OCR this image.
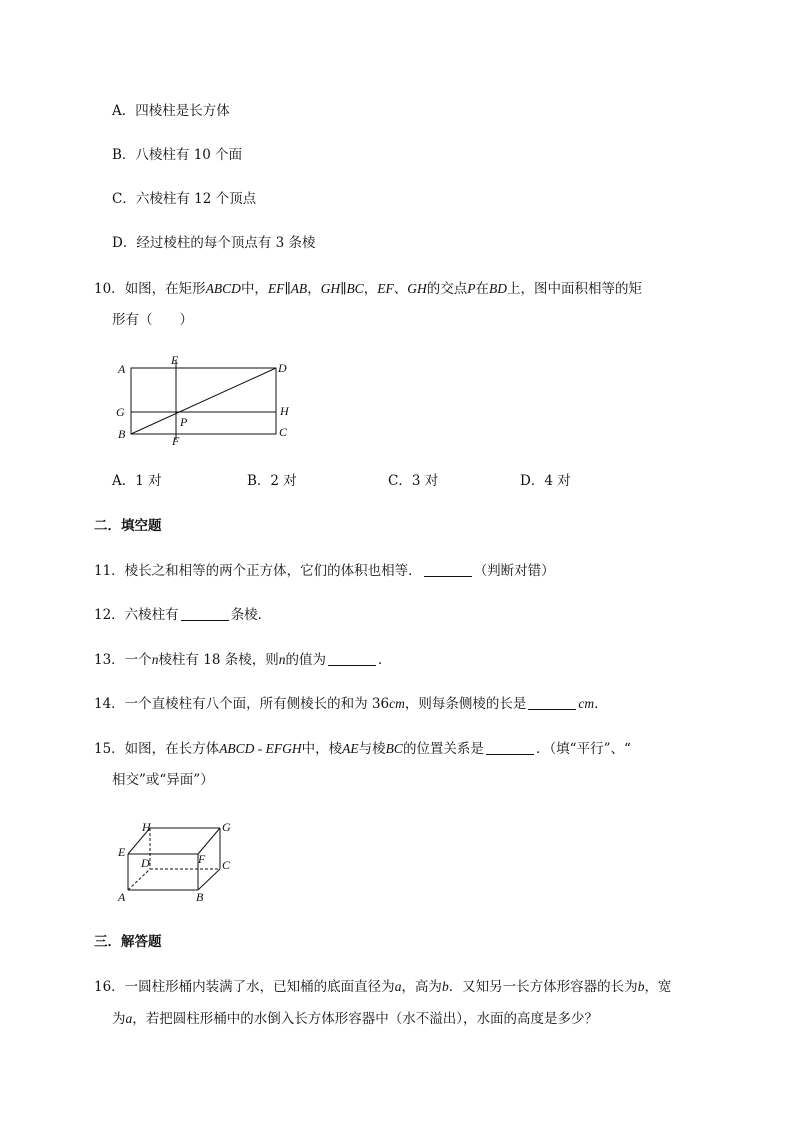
A．四棱柱是长方体
B．八棱柱有 10 个面
C．六棱柱有 12 个顶点
D．经过棱柱的每个顶点有 3 条棱
10．如图，在矩形ABCD中，EF∥AB，GH∥BC，EF、GH的交点P在BD上，图中面积相等的矩
形有（　　）
A
E
D
G	H
P
B	F
C
A．1 对	B．2 对	C．3 对	D．4 对
二．填空题
11．棱长之和相等的两个正方体，它们的体积也相等．	（判断对错）
12．六棱柱有	条棱．
13．一个n棱柱有 18 条棱，则n的值为	．
14．一个直棱柱有八个面，所有侧棱长的和为 36cm，则每条侧棱的长是	cm．
15．如图，在长方体ABCD - EFGH中，棱AE与棱BC的位置关系是	．（填“平行”、“
相交”或“异面”）
H	G
E	F
D	C
A	B
三．解答题
16．一圆柱形桶内装满了水，已知桶的底面直径为a，高为b．又知另一长方体形容器的长为b，宽
为a，若把圆柱形桶中的水倒入长方体形容器中（水不溢出），水面的高度是多少？
